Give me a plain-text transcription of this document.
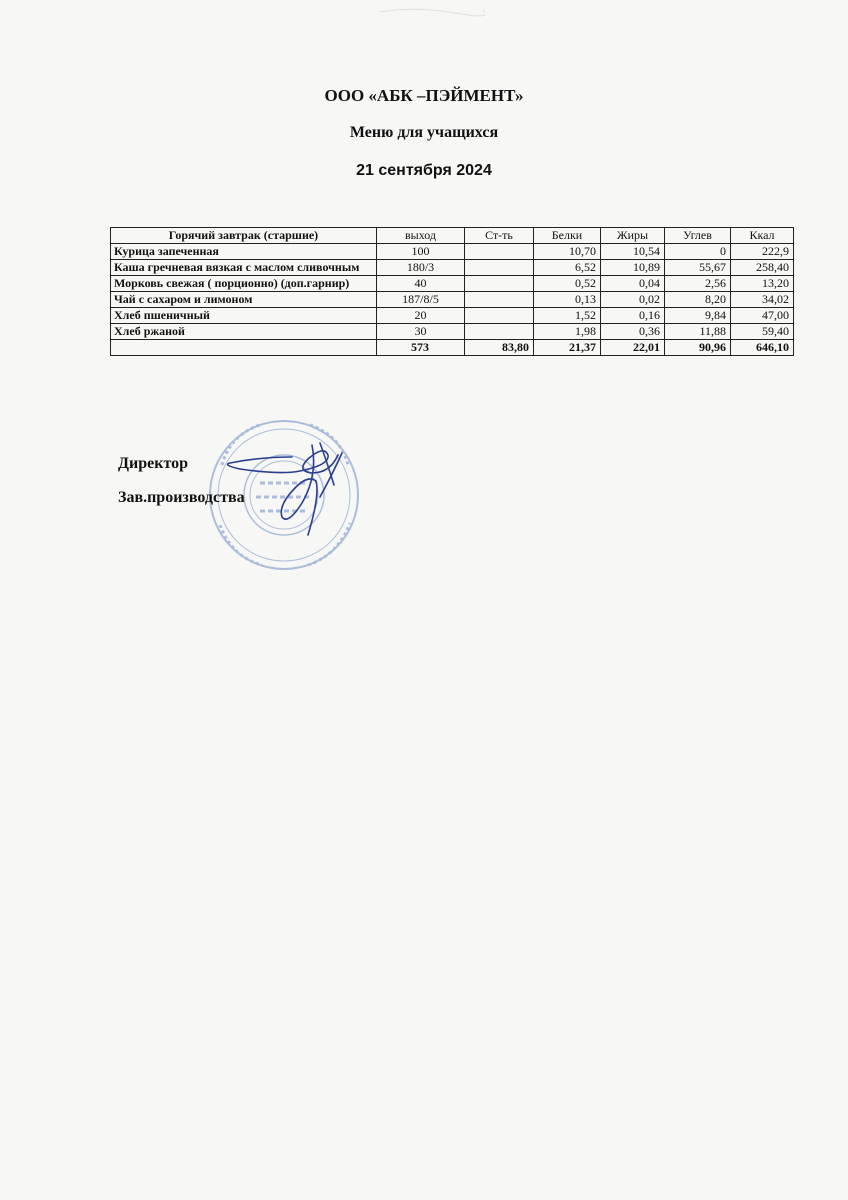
ООО «АБК –ПЭЙМЕНТ»
Меню для учащихся
21 сентября 2024
Горячий завтрак (старшие)	выход	Ст-ть	Белки	Жиры	Углев	Ккал
Курица запеченная	100		10,70	10,54	0	222,9
Каша гречневая вязкая с маслом сливочным	180/3		6,52	10,89	55,67	258,40
Морковь свежая ( порционно) (доп.гарнир)	40		0,52	0,04	2,56	13,20
Чай с сахаром и лимоном	187/8/5		0,13	0,02	8,20	34,02
Хлеб пшеничный	20		1,52	0,16	9,84	47,00
Хлеб ржаной	30		1,98	0,36	11,88	59,40
	573	83,80	21,37	22,01	90,96	646,10
Директор
Зав.производства
